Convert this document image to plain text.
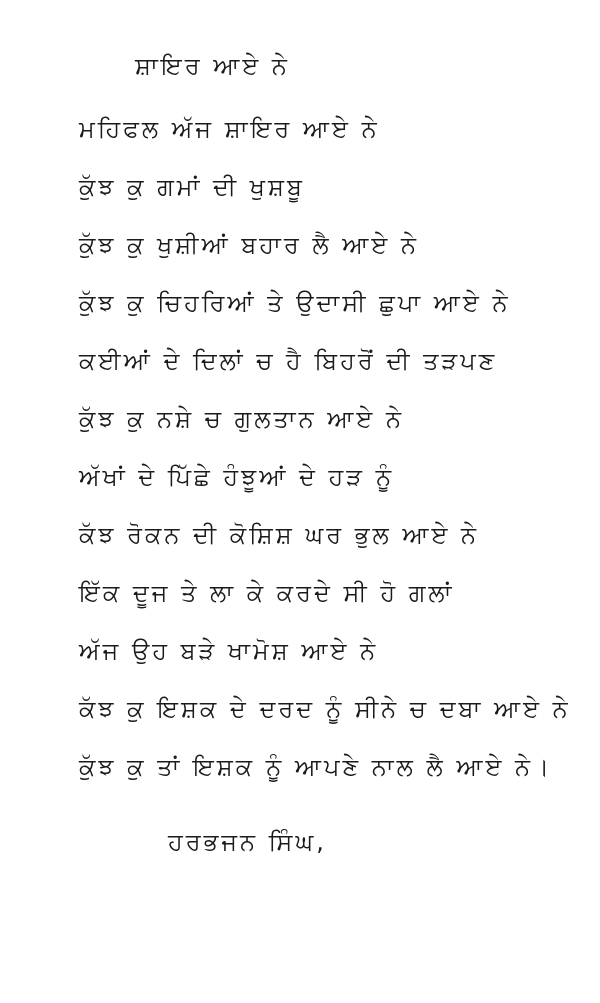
ਸ਼ਾਇਰ ਆਏ ਨੇ
ਮਹਿਫਲ ਅੱਜ ਸ਼ਾਇਰ ਆਏ ਨੇ
ਕੁੱਝ ਕੁ ਗਮਾਂ ਦੀ ਖੁਸ਼ਬੂ
ਕੁੱਝ ਕੁ ਖੁਸ਼ੀਆਂ ਬਹਾਰ ਲੈ ਆਏ ਨੇ
ਕੁੱਝ ਕੁ ਚਿਹਰਿਆਂ ਤੇ ਉਦਾਸੀ ਛੁਪਾ ਆਏ ਨੇ
ਕਈਆਂ ਦੇ ਦਿਲਾਂ ਚ ਹੈ ਬਿਹਰੋਂ ਦੀ ਤੜਪਣ
ਕੁੱਝ ਕੁ ਨਸ਼ੇ ਚ ਗੁਲਤਾਨ ਆਏ ਨੇ
ਅੱਖਾਂ ਦੇ ਪਿੱਛੇ ਹੰਝੂਆਂ ਦੇ ਹੜ ਨੂੰ
ਕੱਝ ਰੋਕਨ ਦੀ ਕੋਸ਼ਿਸ਼ ਘਰ ਭੁਲ ਆਏ ਨੇ
ਇੱਕ ਦੂਜ ਤੇ ਲਾ ਕੇ ਕਰਦੇ ਸੀ ਹੋ ਗਲਾਂ
ਅੱਜ ਉਹ ਬੜੇ ਖਾਮੋਸ਼ ਆਏ ਨੇ
ਕੱਝ ਕੁ ਇਸ਼ਕ ਦੇ ਦਰਦ ਨੂੰ ਸੀਨੇ ਚ ਦਬਾ ਆਏ ਨੇ
ਕੁੱਝ ਕੁ ਤਾਂ ਇਸ਼ਕ ਨੂੰ ਆਪਣੇ ਨਾਲ ਲੈ ਆਏ ਨੇ।
ਹਰਭਜਨ ਸਿੰਘ,
